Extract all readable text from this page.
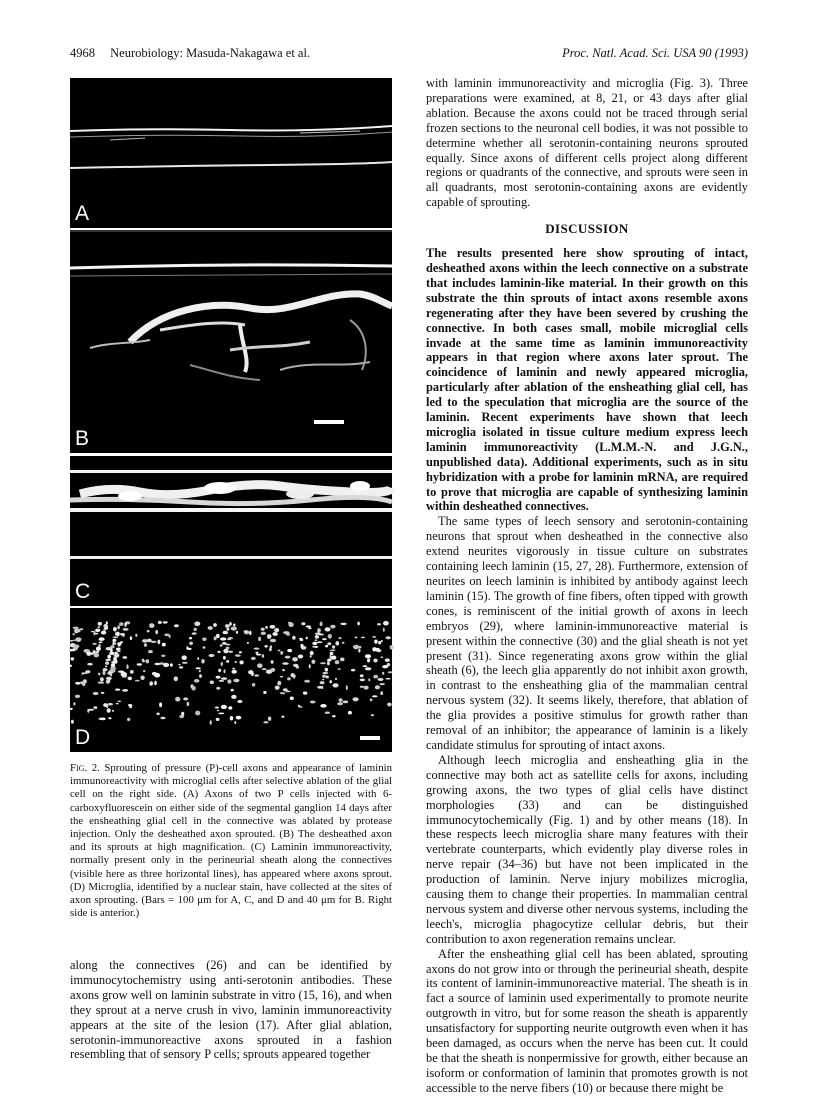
4968 Neurobiology: Masuda-Nakagawa et al.	Proc. Natl. Acad. Sci. USA 90 (1993)
A
B
C
D
Fig. 2. Sprouting of pressure (P)-cell axons and appearance of laminin immunoreactivity with microglial cells after selective ablation of the glial cell on the right side. (A) Axons of two P cells injected with 6-carboxyfluorescein on either side of the segmental ganglion 14 days after the ensheathing glial cell in the connective was ablated by protease injection. Only the desheathed axon sprouted. (B) The desheathed axon and its sprouts at high magnification. (C) Laminin immunoreactivity, normally present only in the perineurial sheath along the connectives (visible here as three horizontal lines), has appeared where axons sprout. (D) Microglia, identified by a nuclear stain, have collected at the sites of axon sprouting. (Bars = 100 μm for A, C, and D and 40 μm for B. Right side is anterior.)
along the connectives (26) and can be identified by immunocytochemistry using anti-serotonin antibodies. These axons grow well on laminin substrate in vitro (15, 16), and when they sprout at a nerve crush in vivo, laminin immunoreactivity appears at the site of the lesion (17). After glial ablation, serotonin-immunoreactive axons sprouted in a fashion resembling that of sensory P cells; sprouts appeared together

with laminin immunoreactivity and microglia (Fig. 3). Three preparations were examined, at 8, 21, or 43 days after glial ablation. Because the axons could not be traced through serial frozen sections to the neuronal cell bodies, it was not possible to determine whether all serotonin-containing neurons sprouted equally. Since axons of different cells project along different regions or quadrants of the connective, and sprouts were seen in all quadrants, most serotonin-containing axons are evidently capable of sprouting.

DISCUSSION

The results presented here show sprouting of intact, desheathed axons within the leech connective on a substrate that includes laminin-like material. In their growth on this substrate the thin sprouts of intact axons resemble axons regenerating after they have been severed by crushing the connective. In both cases small, mobile microglial cells invade at the same time as laminin immunoreactivity appears in that region where axons later sprout. The coincidence of laminin and newly appeared microglia, particularly after ablation of the ensheathing glial cell, has led to the speculation that microglia are the source of the laminin. Recent experiments have shown that leech microglia isolated in tissue culture medium express leech laminin immunoreactivity (L.M.M.-N. and J.G.N., unpublished data). Additional experiments, such as in situ hybridization with a probe for laminin mRNA, are required to prove that microglia are capable of synthesizing laminin within desheathed connectives.

The same types of leech sensory and serotonin-containing neurons that sprout when desheathed in the connective also extend neurites vigorously in tissue culture on substrates containing leech laminin (15, 27, 28). Furthermore, extension of neurites on leech laminin is inhibited by antibody against leech laminin (15). The growth of fine fibers, often tipped with growth cones, is reminiscent of the initial growth of axons in leech embryos (29), where laminin-immunoreactive material is present within the connective (30) and the glial sheath is not yet present (31). Since regenerating axons grow within the glial sheath (6), the leech glia apparently do not inhibit axon growth, in contrast to the ensheathing glia of the mammalian central nervous system (32). It seems likely, therefore, that ablation of the glia provides a positive stimulus for growth rather than removal of an inhibitor; the appearance of laminin is a likely candidate stimulus for sprouting of intact axons.

Although leech microglia and ensheathing glia in the connective may both act as satellite cells for axons, including growing axons, the two types of glial cells have distinct morphologies (33) and can be distinguished immunocytochemically (Fig. 1) and by other means (18). In these respects leech microglia share many features with their vertebrate counterparts, which evidently play diverse roles in nerve repair (34–36) but have not been implicated in the production of laminin. Nerve injury mobilizes microglia, causing them to change their properties. In mammalian central nervous system and diverse other nervous systems, including the leech's, microglia phagocytize cellular debris, but their contribution to axon regeneration remains unclear.

After the ensheathing glial cell has been ablated, sprouting axons do not grow into or through the perineurial sheath, despite its content of laminin-immunoreactive material. The sheath is in fact a source of laminin used experimentally to promote neurite outgrowth in vitro, but for some reason the sheath is apparently unsatisfactory for supporting neurite outgrowth even when it has been damaged, as occurs when the nerve has been cut. It could be that the sheath is nonpermissive for growth, either because an isoform or conformation of laminin that promotes growth is not accessible to the nerve fibers (10) or because there might be
